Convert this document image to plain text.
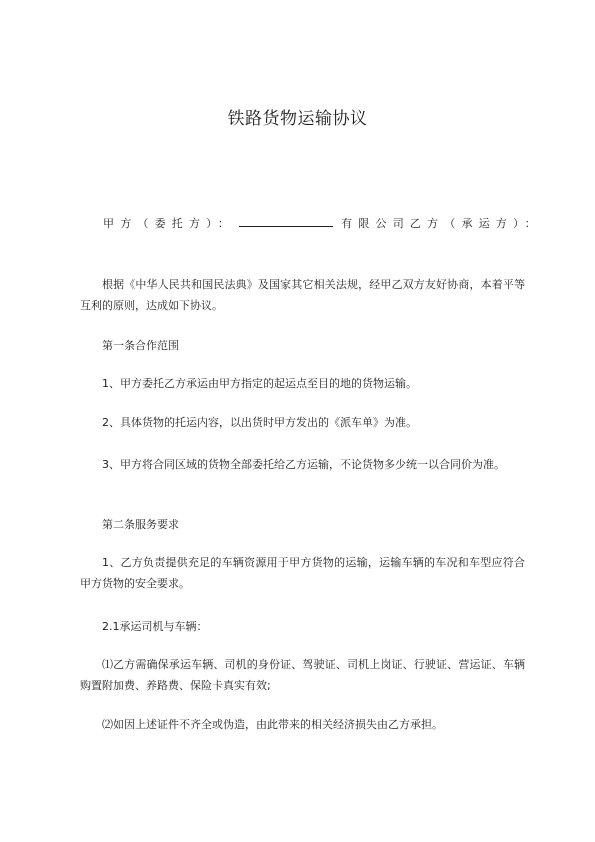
铁路货物运输协议
甲方（委托方）：	有限公司乙方（承运方）：
根据《中华人民共和国民法典》及国家其它相关法规，经甲乙双方友好协商，本着平等互利的原则，达成如下协议。
第一条合作范围
1、甲方委托乙方承运由甲方指定的起运点至目的地的货物运输。
2、具体货物的托运内容，以出货时甲方发出的《派车单》为准。
3、甲方将合同区域的货物全部委托给乙方运输，不论货物多少统一以合同价为准。
第二条服务要求
1、乙方负责提供充足的车辆资源用于甲方货物的运输，运输车辆的车况和车型应符合甲方货物的安全要求。
2.1承运司机与车辆：
⑴乙方需确保承运车辆、司机的身份证、驾驶证、司机上岗证、行驶证、营运证、车辆购置附加费、养路费、保险卡真实有效;
⑵如因上述证件不齐全或伪造，由此带来的相关经济损失由乙方承担。
